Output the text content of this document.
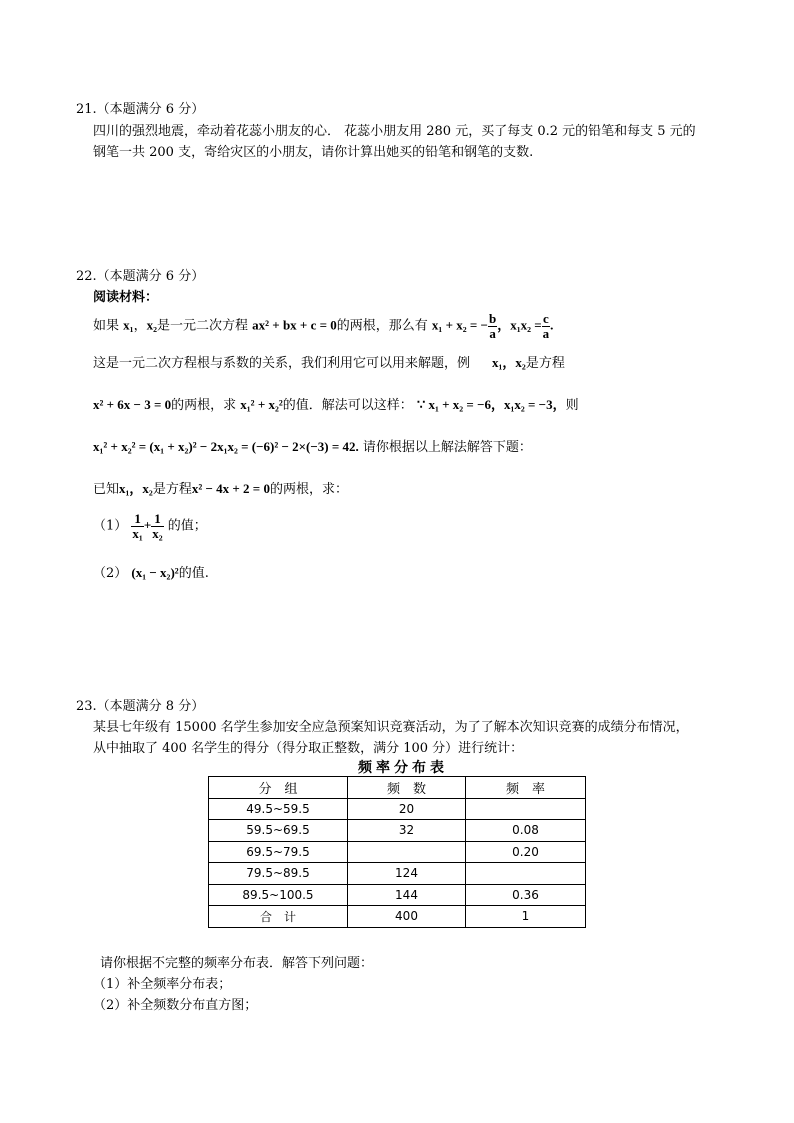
21.（本题满分 6 分）
四川的强烈地震，牵动着花蕊小朋友的心． 花蕊小朋友用 280 元，买了每支 0.2 元的铅笔和每支 5 元的
钢笔一共 200 支，寄给灾区的小朋友，请你计算出她买的铅笔和钢笔的支数.
22.（本题满分 6 分）
阅读材料：
如果 x₁，x₂是一元二次方程 ax² + bx + c = 0的两根，那么有 x₁ + x₂ = − $\frac{b}{a}$ ，$x_1x_2 = \frac{c}{a}$ .
这是一元二次方程根与系数的关系，我们利用它可以用来解题，例 x₁，x₂是方程
x² + 6x − 3 = 0的两根，求 x₁² + x₂²的值．解法可以这样： ∵ x₁ + x₂ = −6，x₁x₂ = −3，则
x₁² + x₂² = (x₁ + x₂)² − 2x₁x₂ = (−6)² − 2×(−3) = 42. 请你根据以上解法解答下题：
已知x₁，x₂是方程x² − 4x + 2 = 0的两根，求：
$(1) \frac{1}{\text{x₁}} + \frac{1}{\text{x₂}}$ 的值；
（2） (x₁ − x₂)²的值.
23.（本题满分 8 分）
某县七年级有 15000 名学生参加安全应急预案知识竞赛活动，为了了解本次知识竞赛的成绩分布情况，
从中抽取了 400 名学生的得分（得分取正整数，满分 100 分）进行统计：
频率分布表
分　组	频　数	频　率
49.5~59.5	20	
59.5~69.5	32	0.08
69.5~79.5		0.20
79.5~89.5	124	
89.5~100.5	144	0.36
合　计	400	1
请你根据不完整的频率分布表．解答下列问题：
（1）补全频率分布表；
（2）补全频数分布直方图；
